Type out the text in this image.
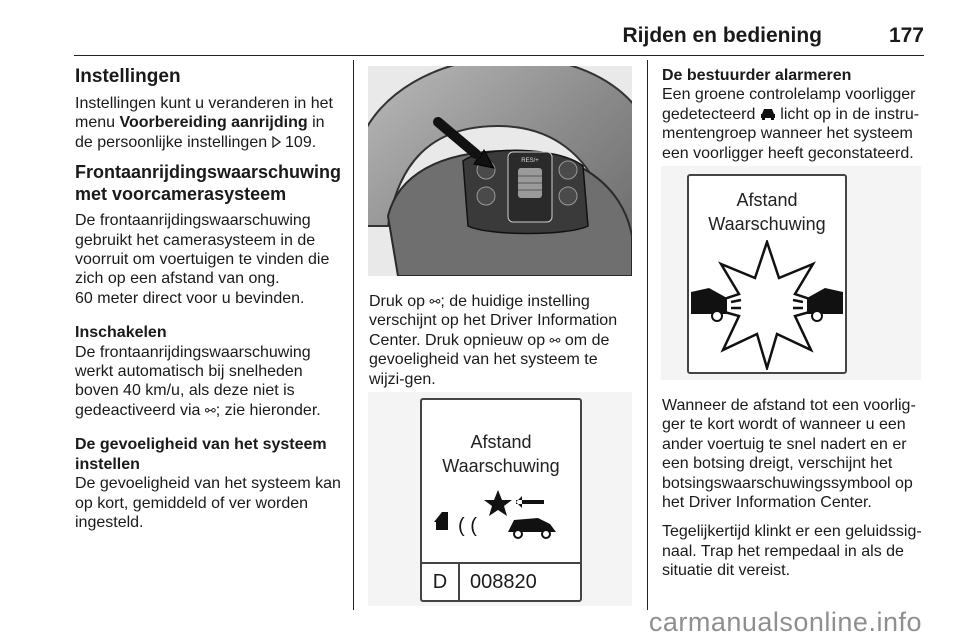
Rijden en bediening	177
Instellingen

Instellingen kunt u veranderen in het menu Voorbereiding aanrijding in de persoonlijke instellingen  109.

Frontaanrijdingswaarschuwing met voorcamerasysteem

De frontaanrijdingswaarschuwing gebruikt het camerasysteem in de voorruit om voertuigen te vinden die zich op een afstand van ong.

60 meter direct voor u bevinden.

Inschakelen

De frontaanrijdingswaarschuwing werkt automatisch bij snelheden boven 40 km/u, als deze niet is gedeactiveerd via ⚯; zie hieronder.

De gevoeligheid van het systeem instellen

De gevoeligheid van het systeem kan op kort, gemiddeld of ver worden ingesteld.

RES/+

Druk op ⚯; de huidige instelling verschijnt op het Driver Information Center. Druk opnieuw op ⚯ om de gevoeligheid van het systeem te wijzi-gen.

Afstand
Waarschuwing
( (
D	008820
De bestuurder alarmeren

Een groene controlelamp voorligger gedetecteerd  licht op in de instru-mentengroep wanneer het systeem een voorligger heeft geconstateerd.

Afstand
Waarschuwing

Wanneer de afstand tot een voorlig-ger te kort wordt of wanneer u een ander voertuig te snel nadert en er een botsing dreigt, verschijnt het botsingswaarschuwingssymbool op het Driver Information Center.

Tegelijkertijd klinkt er een geluidssig-naal. Trap het rempedaal in als de situatie dit vereist.

carmanualsonline.info
